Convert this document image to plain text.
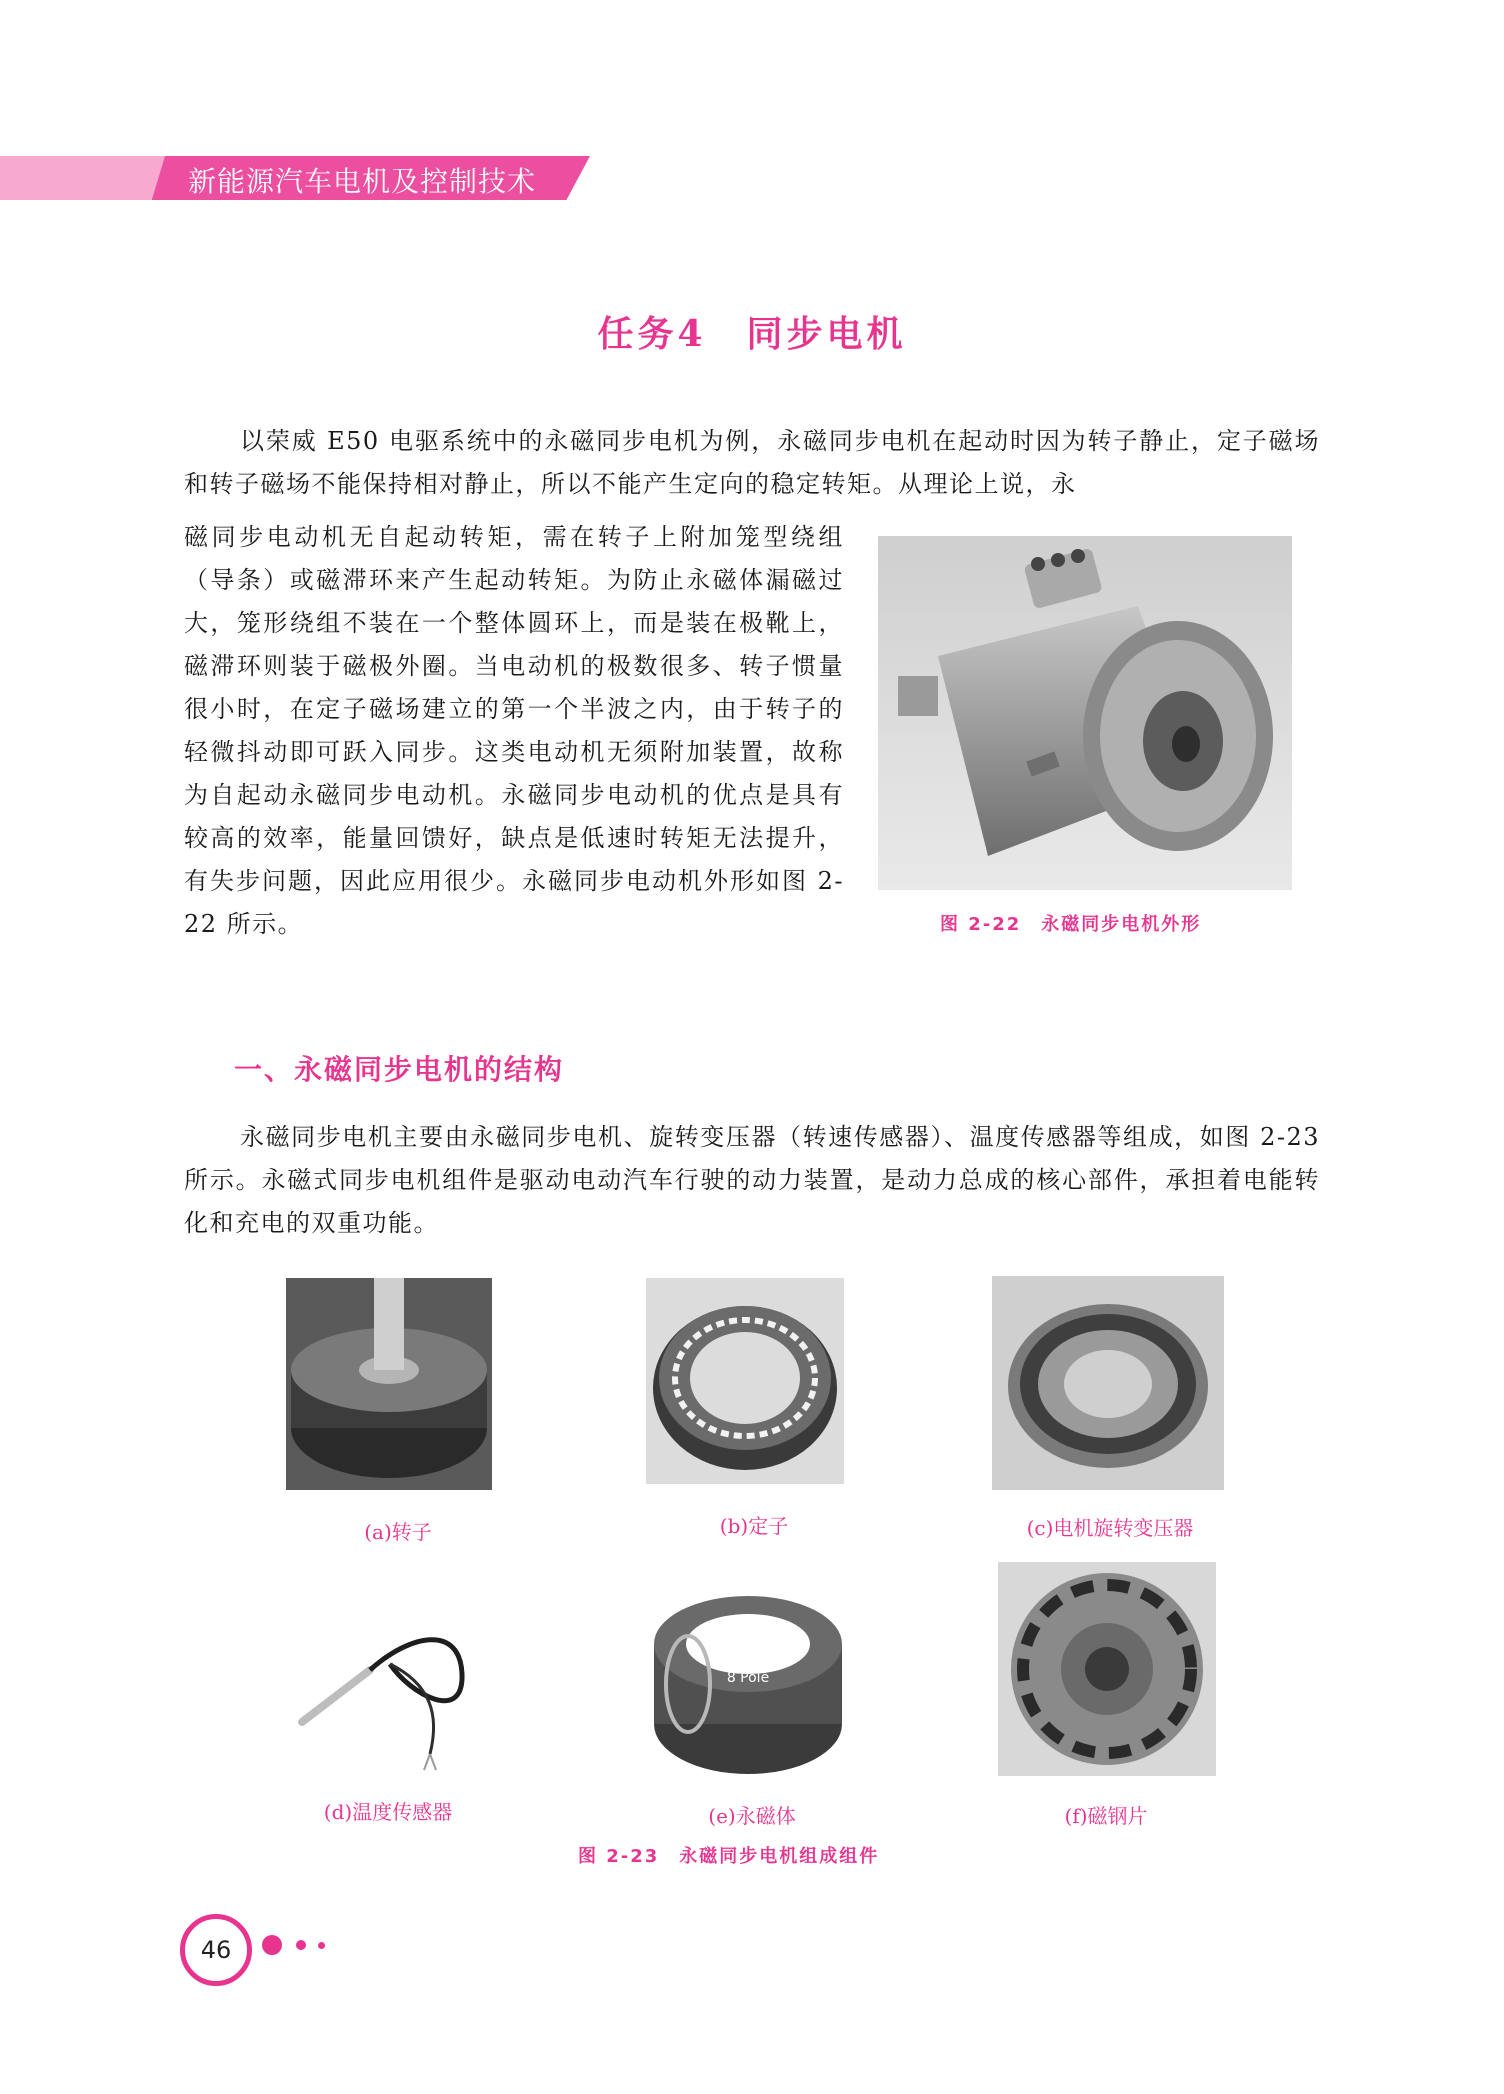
新能源汽车电机及控制技术
任务4　同步电机
以荣威 E50 电驱系统中的永磁同步电机为例，永磁同步电机在起动时因为转子静止，定子磁场和转子磁场不能保持相对静止，所以不能产生定向的稳定转矩。从理论上说，永
磁同步电动机无自起动转矩，需在转子上附加笼型绕组（导条）或磁滞环来产生起动转矩。为防止永磁体漏磁过大，笼形绕组不装在一个整体圆环上，而是装在极靴上，磁滞环则装于磁极外圈。当电动机的极数很多、转子惯量很小时，在定子磁场建立的第一个半波之内，由于转子的轻微抖动即可跃入同步。这类电动机无须附加装置，故称为自起动永磁同步电动机。永磁同步电动机的优点是具有较高的效率，能量回馈好，缺点是低速时转矩无法提升，有失步问题，因此应用很少。永磁同步电动机外形如图 2-22 所示。	图 2-22　永磁同步电机外形
一、永磁同步电机的结构
永磁同步电机主要由永磁同步电机、旋转变压器（转速传感器）、温度传感器等组成，如图 2-23 所示。永磁式同步电机组件是驱动电动汽车行驶的动力装置，是动力总成的核心部件，承担着电能转化和充电的双重功能。
(a)转子	(b)定子	(c)电机旋转变压器
(d)温度传感器
8 Pole
(e)永磁体	(f)磁钢片
图 2-23　永磁同步电机组成组件
46
